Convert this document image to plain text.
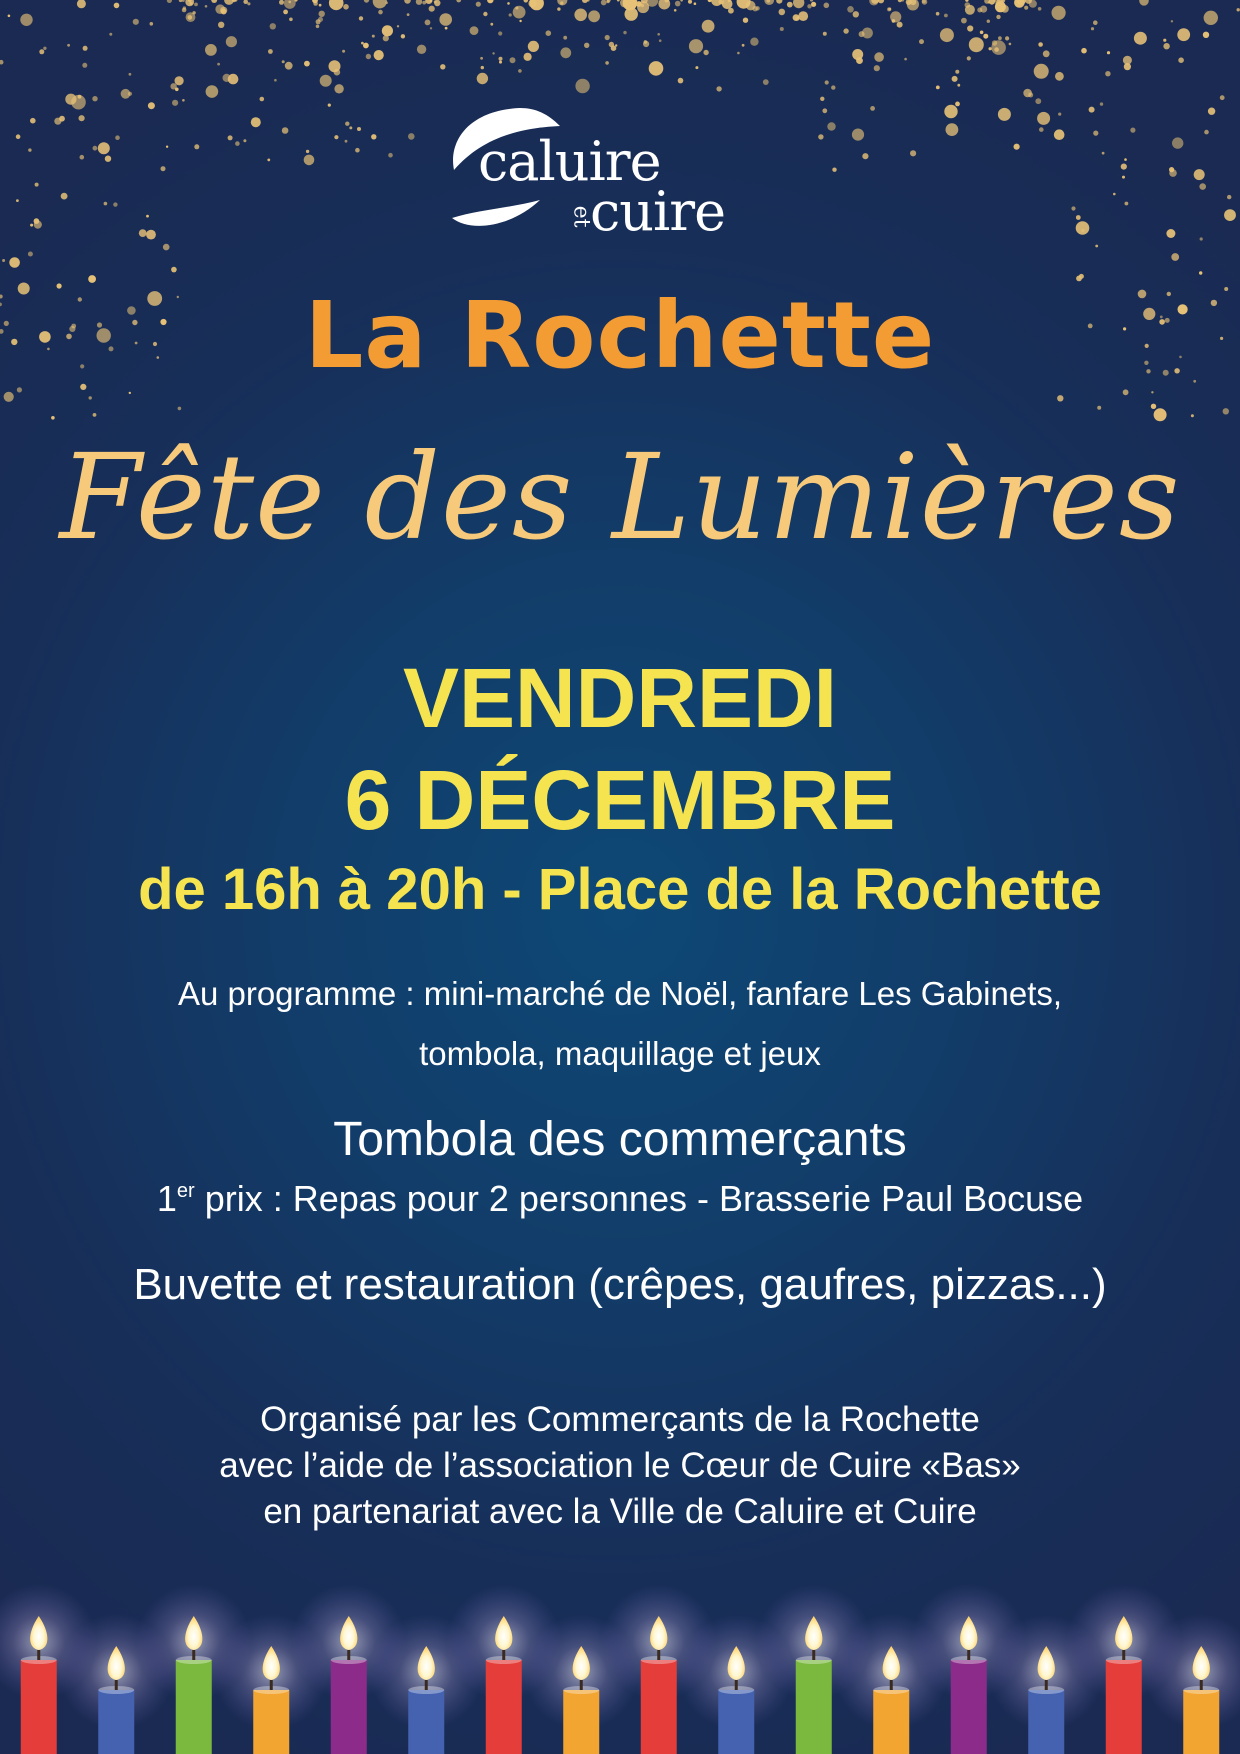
caluire
cuire
et
La Rochette
Fête des Lumières
VENDREDI
6 DÉCEMBRE
de 16h à 20h - Place de la Rochette
Au programme : mini-marché de Noël, fanfare Les Gabinets,
tombola, maquillage et jeux
Tombola des commerçants
1er prix : Repas pour 2 personnes - Brasserie Paul Bocuse
Buvette et restauration (crêpes, gaufres, pizzas...)
Organisé par les Commerçants de la Rochette
avec l’aide de l’association le Cœur de Cuire «Bas»
en partenariat avec la Ville de Caluire et Cuire
